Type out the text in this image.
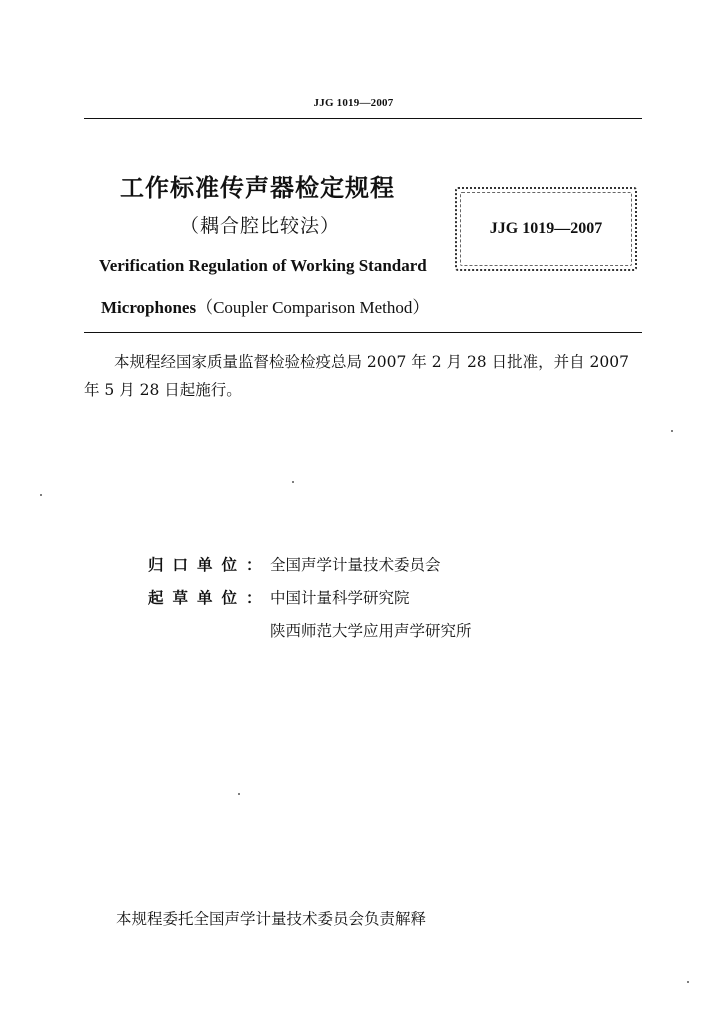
JJG 1019—2007
工作标准传声器检定规程
（耦合腔比较法）
Verification Regulation of Working Standard
Microphones（Coupler Comparison Method）
JJG 1019—2007
本规程经国家质量监督检验检疫总局 2007 年 2 月 28 日批准，并自 2007 年 5 月 28 日起施行。
归口单位：全国声学计量技术委员会
起草单位：中国计量科学研究院
陕西师范大学应用声学研究所
本规程委托全国声学计量技术委员会负责解释
